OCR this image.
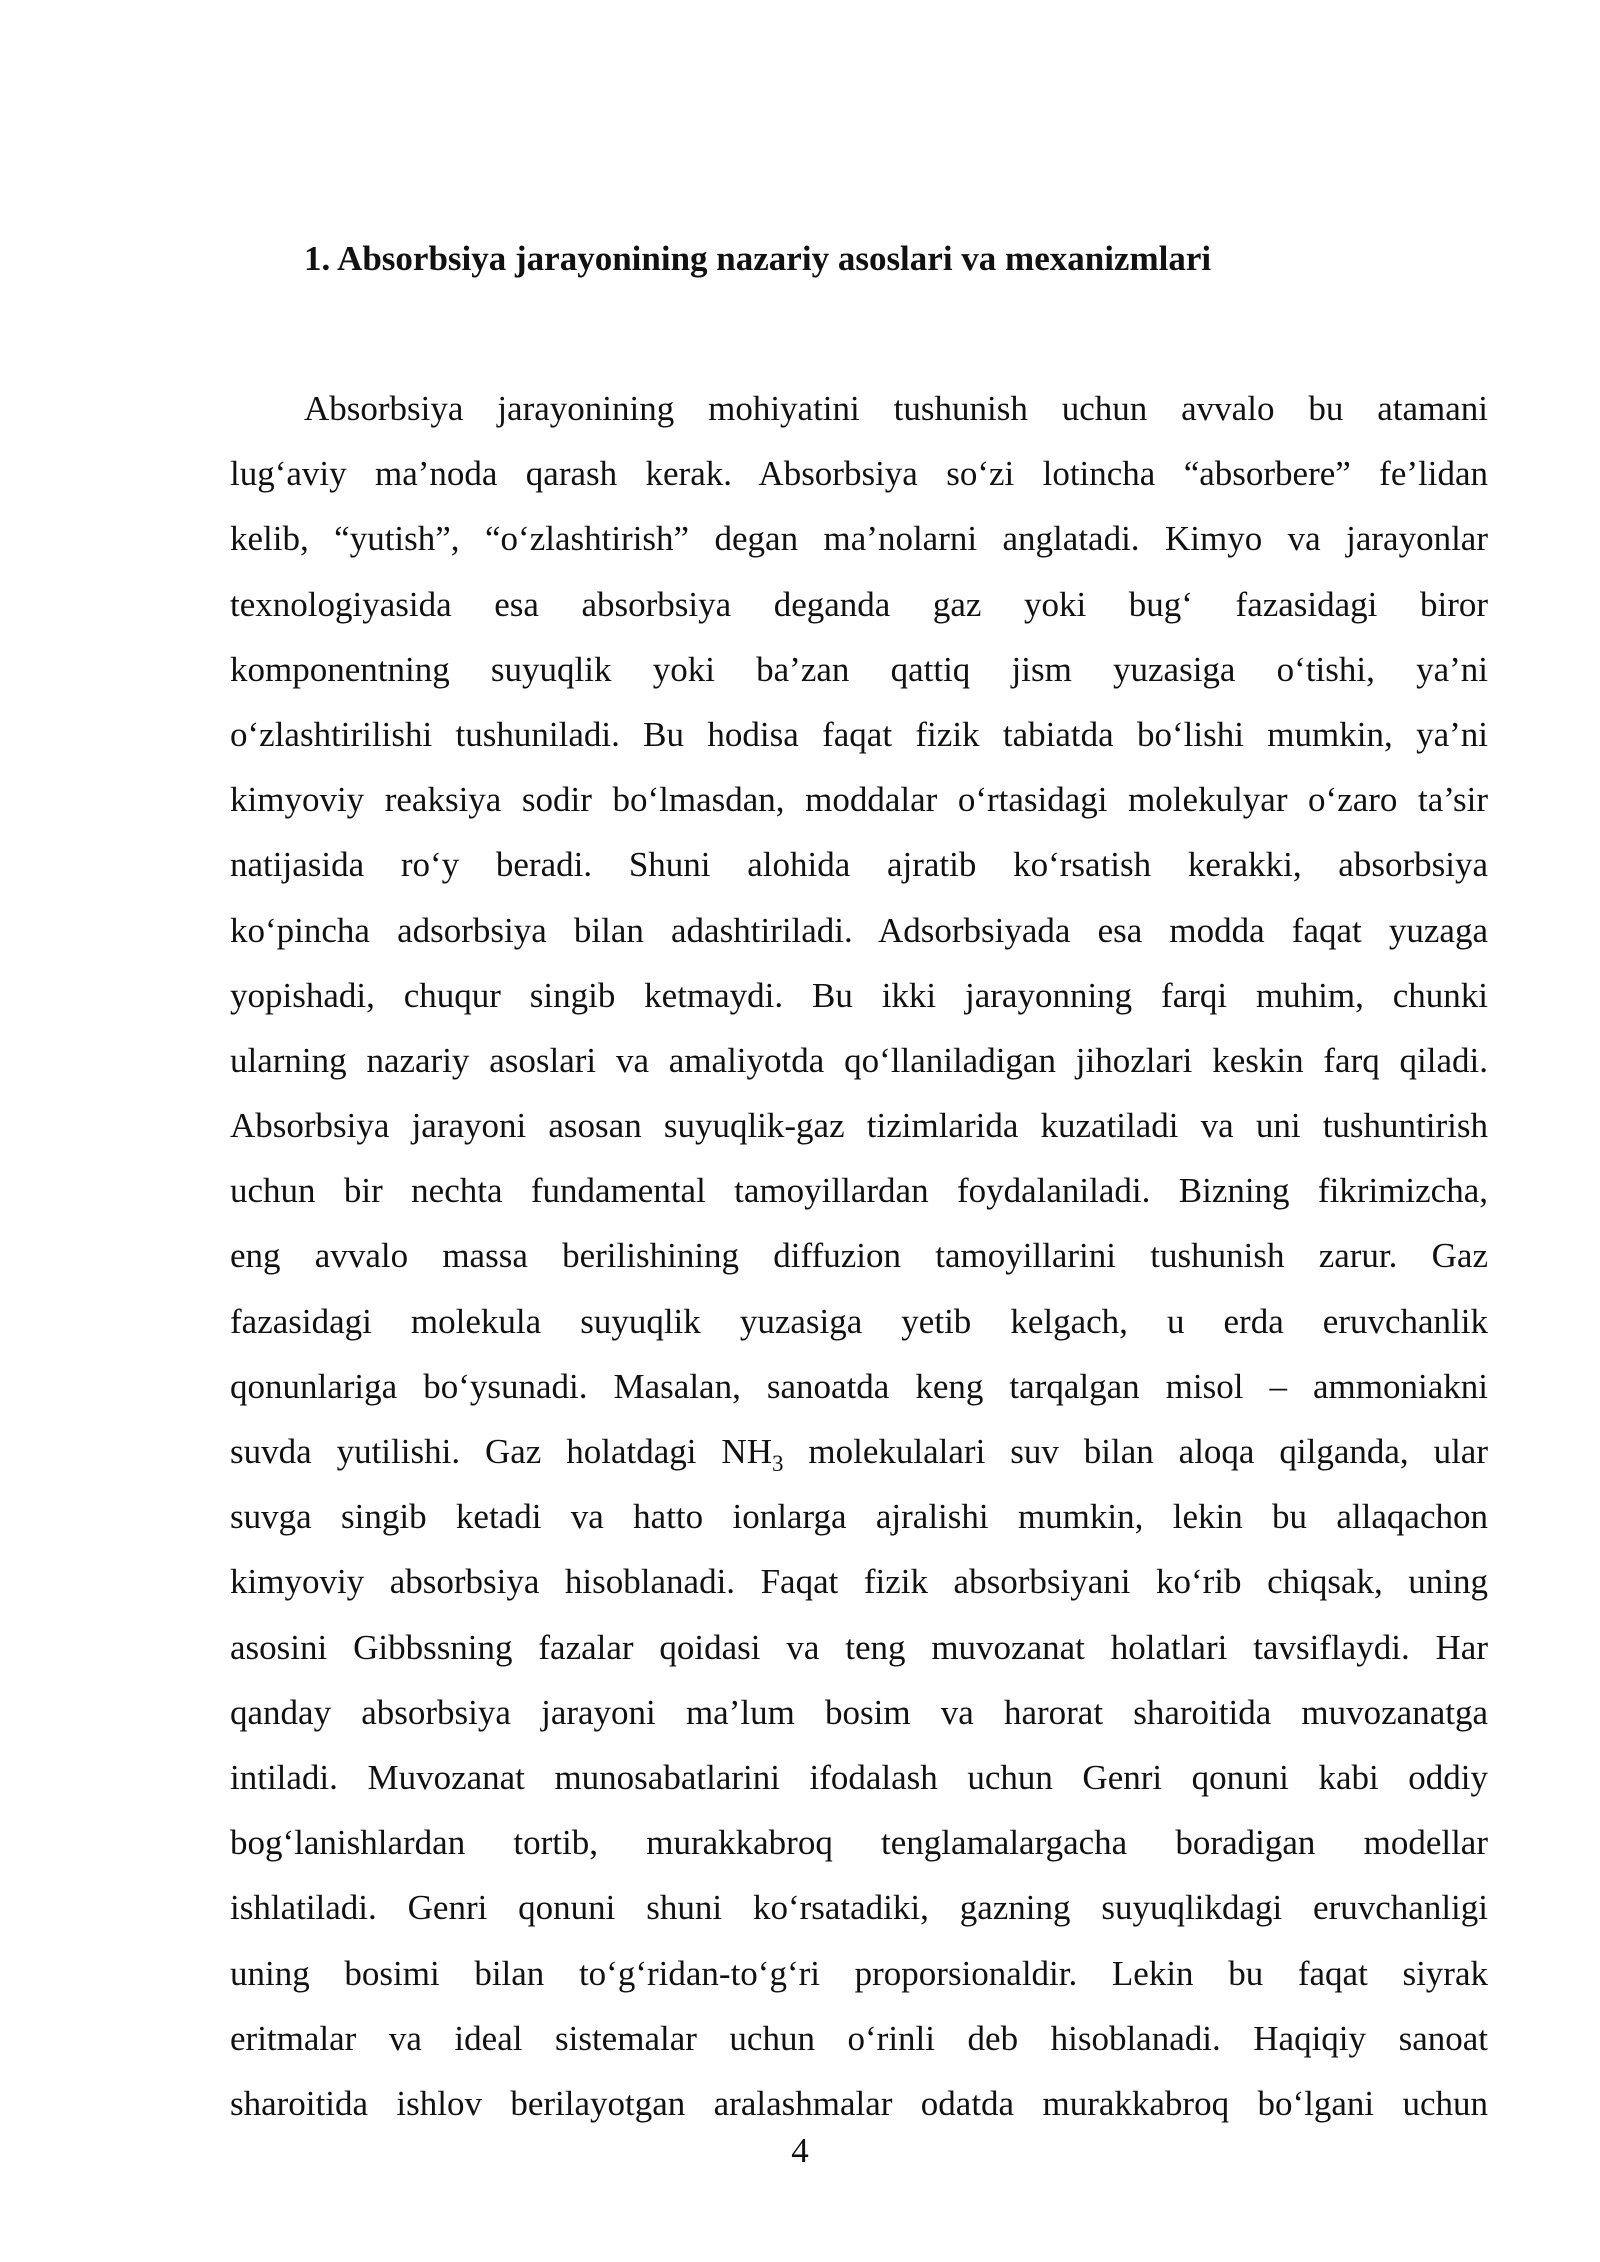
1. Absorbsiya jarayonining nazariy asoslari va mexanizmlari
Absorbsiya jarayonining mohiyatini tushunish uchun avvalo bu atamani
lug‘aviy ma’noda qarash kerak. Absorbsiya so‘zi lotincha “absorbere” fe’lidan
kelib, “yutish”, “o‘zlashtirish” degan ma’nolarni anglatadi. Kimyo va jarayonlar
texnologiyasida esa absorbsiya deganda gaz yoki bug‘ fazasidagi biror
komponentning suyuqlik yoki ba’zan qattiq jism yuzasiga o‘tishi, ya’ni
o‘zlashtirilishi tushuniladi. Bu hodisa faqat fizik tabiatda bo‘lishi mumkin, ya’ni
kimyoviy reaksiya sodir bo‘lmasdan, moddalar o‘rtasidagi molekulyar o‘zaro ta’sir
natijasida ro‘y beradi. Shuni alohida ajratib ko‘rsatish kerakki, absorbsiya
ko‘pincha adsorbsiya bilan adashtiriladi. Adsorbsiyada esa modda faqat yuzaga
yopishadi, chuqur singib ketmaydi. Bu ikki jarayonning farqi muhim, chunki
ularning nazariy asoslari va amaliyotda qo‘llaniladigan jihozlari keskin farq qiladi.
Absorbsiya jarayoni asosan suyuqlik-gaz tizimlarida kuzatiladi va uni tushuntirish
uchun bir nechta fundamental tamoyillardan foydalaniladi. Bizning fikrimizcha,
eng avvalo massa berilishining diffuzion tamoyillarini tushunish zarur. Gaz
fazasidagi molekula suyuqlik yuzasiga yetib kelgach, u erda eruvchanlik
qonunlariga bo‘ysunadi. Masalan, sanoatda keng tarqalgan misol – ammoniakni
suvda yutilishi. Gaz holatdagi $NH_3$ molekulalari suv bilan aloqa qilganda, ular
suvga singib ketadi va hatto ionlarga ajralishi mumkin, lekin bu allaqachon
kimyoviy absorbsiya hisoblanadi. Faqat fizik absorbsiyani ko‘rib chiqsak, uning
asosini Gibbssning fazalar qoidasi va teng muvozanat holatlari tavsiflaydi. Har
qanday absorbsiya jarayoni ma’lum bosim va harorat sharoitida muvozanatga
intiladi. Muvozanat munosabatlarini ifodalash uchun Genri qonuni kabi oddiy
bog‘lanishlardan tortib, murakkabroq tenglamalargacha boradigan modellar
ishlatiladi. Genri qonuni shuni ko‘rsatadiki, gazning suyuqlikdagi eruvchanligi
uning bosimi bilan to‘g‘ridan-to‘g‘ri proporsionaldir. Lekin bu faqat siyrak
eritmalar va ideal sistemalar uchun o‘rinli deb hisoblanadi. Haqiqiy sanoat
sharoitida ishlov berilayotgan aralashmalar odatda murakkabroq bo‘lgani uchun
4
